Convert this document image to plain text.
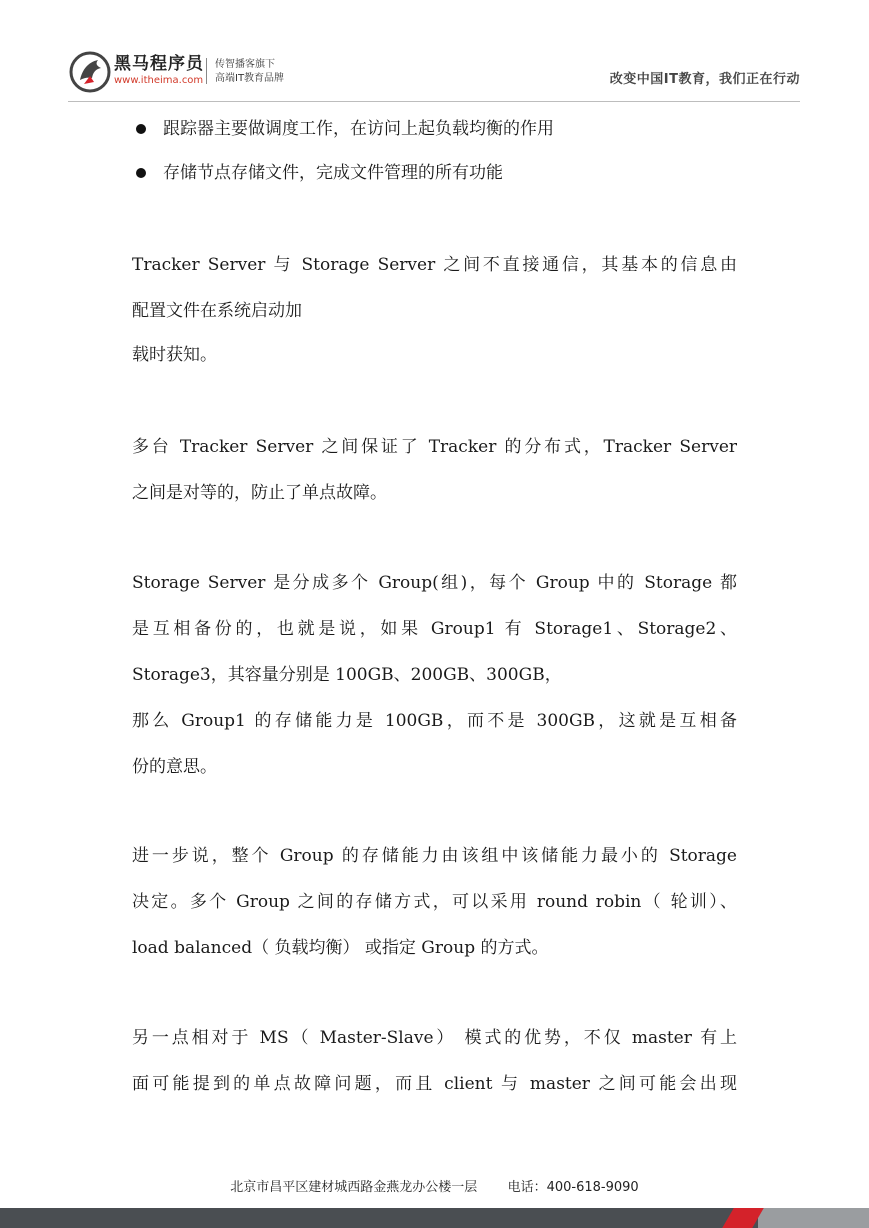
黑马程序员
www.itheima.com
传智播客旗下
高端IT教育品牌	改变中国IT教育，我们正在行动
跟踪器主要做调度工作，在访问上起负载均衡的作用
存储节点存储文件，完成文件管理的所有功能
Tracker Server 与 Storage Server 之间不直接通信，其基本的信息由
配置文件在系统启动加
载时获知。
多台 Tracker Server 之间保证了 Tracker 的分布式，Tracker Server
之间是对等的，防止了单点故障。
Storage Server 是分成多个 Group(组)，每个 Group 中的 Storage 都
是互相备份的，也就是说，如果 Group1 有 Storage1、Storage2、
Storage3，其容量分别是 100GB、200GB、300GB，
那么 Group1 的存储能力是 100GB，而不是 300GB，这就是互相备
份的意思。
进一步说，整个 Group 的存储能力由该组中该储能力最小的 Storage
决定。多个 Group 之间的存储方式，可以采用 round robin（ 轮训）、
load balanced（ 负载均衡） 或指定 Group 的方式。
另一点相对于 MS（ Master-Slave） 模式的优势，不仅 master 有上
面可能提到的单点故障问题，而且 client 与 master 之间可能会出现
北京市昌平区建材城西路金燕龙办公楼一层 电话：400-618-9090
